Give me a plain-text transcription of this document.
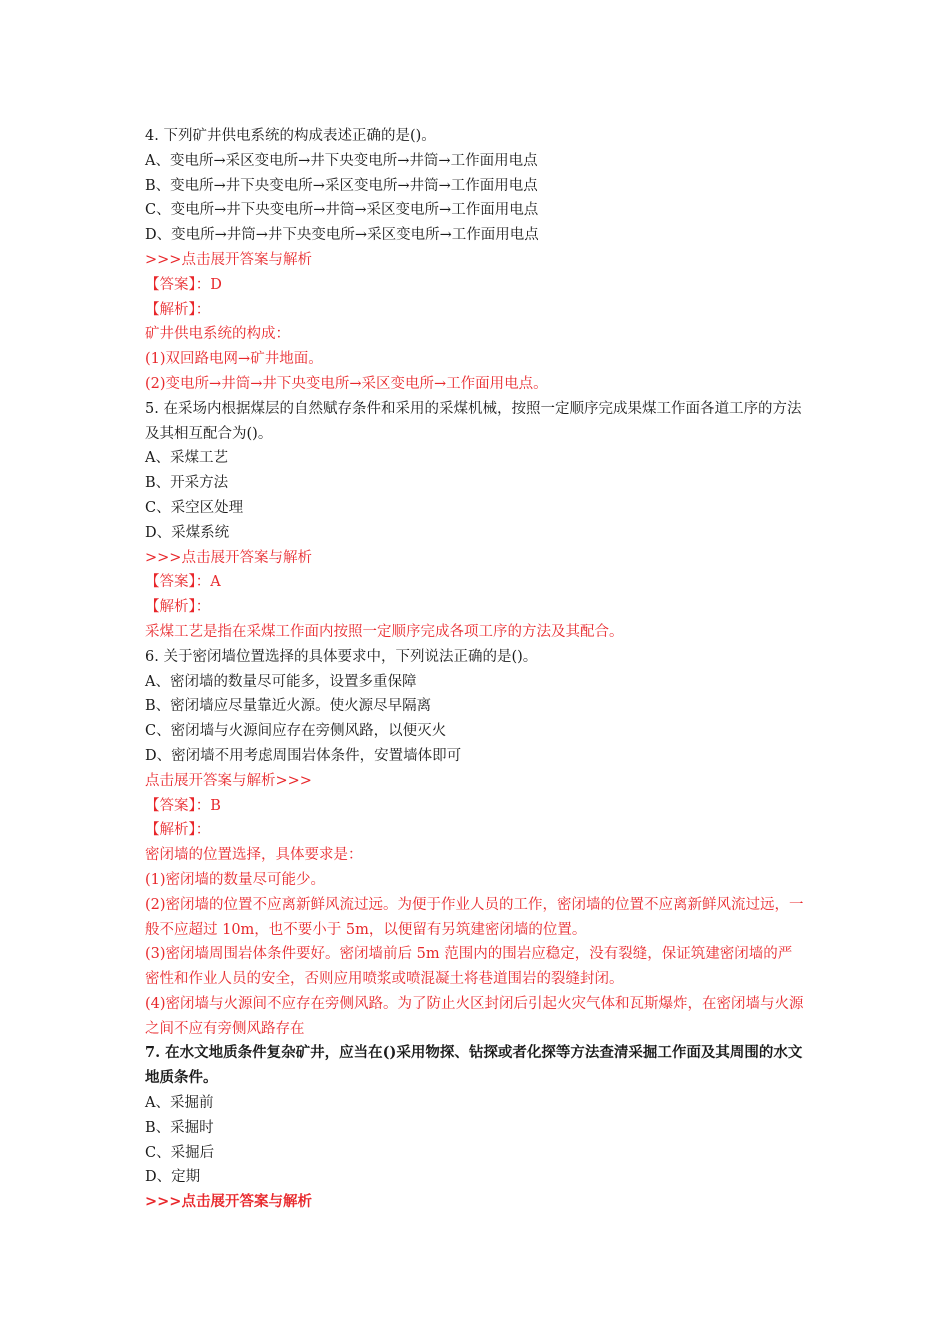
4. 下列矿井供电系统的构成表述正确的是()。
A、变电所→采区变电所→井下央变电所→井筒→工作面用电点
B、变电所→井下央变电所→采区变电所→井筒→工作面用电点
C、变电所→井下央变电所→井筒→采区变电所→工作面用电点
D、变电所→井筒→井下央变电所→采区变电所→工作面用电点
>>>点击展开答案与解析
【答案】：D
【解析】：
矿井供电系统的构成：
(1)双回路电网→矿井地面。
(2)变电所→井筒→井下央变电所→采区变电所→工作面用电点。
5. 在采场内根据煤层的自然赋存条件和采用的采煤机械，按照一定顺序完成果煤工作面各道工序的方法及其相互配合为()。
A、采煤工艺
B、开采方法
C、采空区处理
D、采煤系统
>>>点击展开答案与解析
【答案】：A
【解析】：
采煤工艺是指在采煤工作面内按照一定顺序完成各项工序的方法及其配合。
6. 关于密闭墙位置选择的具体要求中，下列说法正确的是()。
A、密闭墙的数量尽可能多，设置多重保障
B、密闭墙应尽量靠近火源。使火源尽早隔离
C、密闭墙与火源间应存在旁侧风路，以便灭火
D、密闭墙不用考虑周围岩体条件，安置墙体即可
点击展开答案与解析>>>
【答案】：B
【解析】：
密闭墙的位置选择，具体要求是：
(1)密闭墙的数量尽可能少。
(2)密闭墙的位置不应离新鲜风流过远。为便于作业人员的工作，密闭墙的位置不应离新鲜风流过远，一般不应超过 10m，也不要小于 5m，以便留有另筑建密闭墙的位置。
(3)密闭墙周围岩体条件要好。密闭墙前后 5m 范围内的围岩应稳定，没有裂缝，保证筑建密闭墙的严密性和作业人员的安全，否则应用喷浆或喷混凝土将巷道围岩的裂缝封闭。
(4)密闭墙与火源间不应存在旁侧风路。为了防止火区封闭后引起火灾气体和瓦斯爆炸，在密闭墙与火源之间不应有旁侧风路存在
7. 在水文地质条件复杂矿井，应当在()采用物探、钻探或者化探等方法查清采掘工作面及其周围的水文地质条件。
A、采掘前
B、采掘时
C、采掘后
D、定期
>>>点击展开答案与解析
